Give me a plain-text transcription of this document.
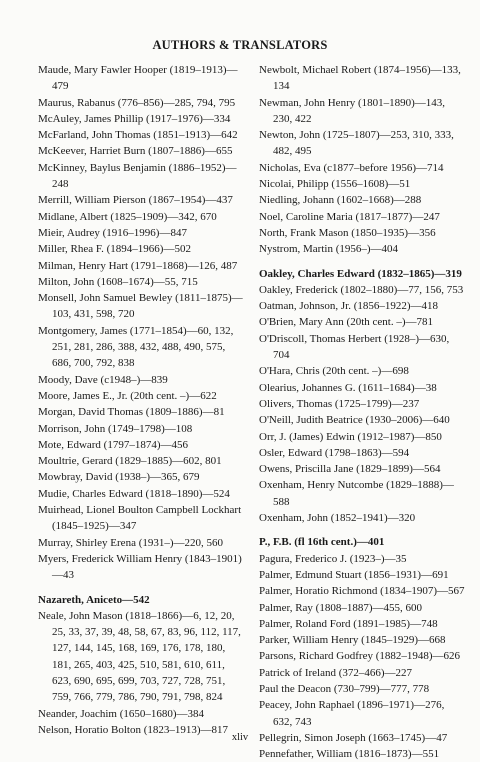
AUTHORS & TRANSLATORS
Maude, Mary Fawler Hooper (1819–1913)—479
Maurus, Rabanus (776–856)—285, 794, 795
McAuley, James Phillip (1917–1976)—334
McFarland, John Thomas (1851–1913)—642
McKeever, Harriet Burn (1807–1886)—655
McKinney, Baylus Benjamin (1886–1952)—248
Merrill, William Pierson (1867–1954)—437
Midlane, Albert (1825–1909)—342, 670
Mieir, Audrey (1916–1996)—847
Miller, Rhea F. (1894–1966)—502
Milman, Henry Hart (1791–1868)—126, 487
Milton, John (1608–1674)—55, 715
Monsell, John Samuel Bewley (1811–1875)—103, 431, 598, 720
Montgomery, James (1771–1854)—60, 132, 251, 281, 286, 388, 432, 488, 490, 575, 686, 700, 792, 838
Moody, Dave (c1948–)—839
Moore, James E., Jr. (20th cent. –)—622
Morgan, David Thomas (1809–1886)—81
Morrison, John (1749–1798)—108
Mote, Edward (1797–1874)—456
Moultrie, Gerard (1829–1885)—602, 801
Mowbray, David (1938–)—365, 679
Mudie, Charles Edward (1818–1890)—524
Muirhead, Lionel Boulton Campbell Lockhart (1845–1925)—347
Murray, Shirley Erena (1931–)—220, 560
Myers, Frederick William Henry (1843–1901)—43
Nazareth, Aniceto—542
Neale, John Mason (1818–1866)—6, 12, 20, 25, 33, 37, 39, 48, 58, 67, 83, 96, 112, 117, 127, 144, 145, 168, 169, 176, 178, 180, 181, 265, 403, 425, 510, 581, 610, 611, 623, 690, 695, 699, 703, 727, 728, 751, 759, 766, 779, 786, 790, 791, 798, 824
Neander, Joachim (1650–1680)—384
Nelson, Horatio Bolton (1823–1913)—817
Newbolt, Michael Robert (1874–1956)—133, 134
Newman, John Henry (1801–1890)—143, 230, 422
Newton, John (1725–1807)—253, 310, 333, 482, 495
Nicholas, Eva (c1877–before 1956)—714
Nicolai, Philipp (1556–1608)—51
Niedling, Johann (1602–1668)—288
Noel, Caroline Maria (1817–1877)—247
North, Frank Mason (1850–1935)—356
Nystrom, Martin (1956–)—404
Oakley, Charles Edward (1832–1865)—319
Oakley, Frederick (1802–1880)—77, 156, 753
Oatman, Johnson, Jr. (1856–1922)—418
O'Brien, Mary Ann (20th cent. –)—781
O'Driscoll, Thomas Herbert (1928–)—630, 704
O'Hara, Chris (20th cent. –)—698
Olearius, Johannes G. (1611–1684)—38
Olivers, Thomas (1725–1799)—237
O'Neill, Judith Beatrice (1930–2006)—640
Orr, J. (James) Edwin (1912–1987)—850
Osler, Edward (1798–1863)—594
Owens, Priscilla Jane (1829–1899)—564
Oxenham, Henry Nutcombe (1829–1888)—588
Oxenham, John (1852–1941)—320
P., F.B. (fl 16th cent.)—401
Pagura, Frederico J. (1923–)—35
Palmer, Edmund Stuart (1856–1931)—691
Palmer, Horatio Richmond (1834–1907)—567
Palmer, Ray (1808–1887)—455, 600
Palmer, Roland Ford (1891–1985)—748
Parker, William Henry (1845–1929)—668
Parsons, Richard Godfrey (1882–1948)—626
Patrick of Ireland (372–466)—227
Paul the Deacon (730–799)—777, 778
Peacey, John Raphael (1896–1971)—276, 632, 743
Pellegrin, Simon Joseph (1663–1745)—47
Pennefather, William (1816–1873)—551
xliv
